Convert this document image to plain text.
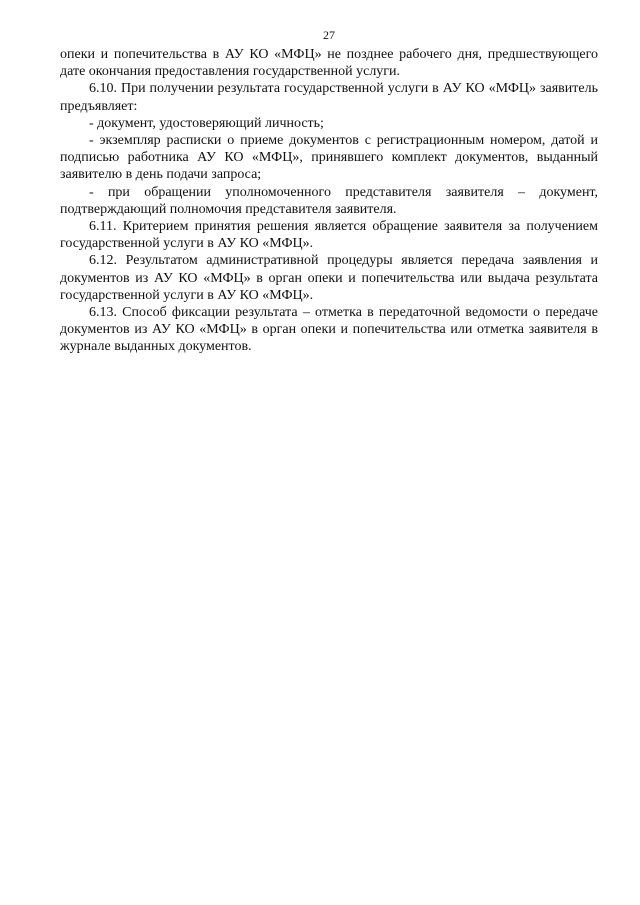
27

опеки и попечительства в АУ КО «МФЦ» не позднее рабочего дня, предшествующего дате окончания предоставления государственной услуги.

6.10. При получении результата государственной услуги в АУ КО «МФЦ» заявитель предъявляет:

- документ, удостоверяющий личность;

- экземпляр расписки о приеме документов с регистрационным номером, датой и подписью работника АУ КО «МФЦ», принявшего комплект документов, выданный заявителю в день подачи запроса;

- при обращении уполномоченного представителя заявителя – документ, подтверждающий полномочия представителя заявителя.

6.11. Критерием принятия решения является обращение заявителя за получением государственной услуги в АУ КО «МФЦ».

6.12. Результатом административной процедуры является передача заявления и документов из АУ КО «МФЦ» в орган опеки и попечительства или выдача результата государственной услуги в АУ КО «МФЦ».

6.13. Способ фиксации результата – отметка в передаточной ведомости о передаче документов из АУ КО «МФЦ» в орган опеки и попечительства или отметка заявителя в журнале выданных документов.
